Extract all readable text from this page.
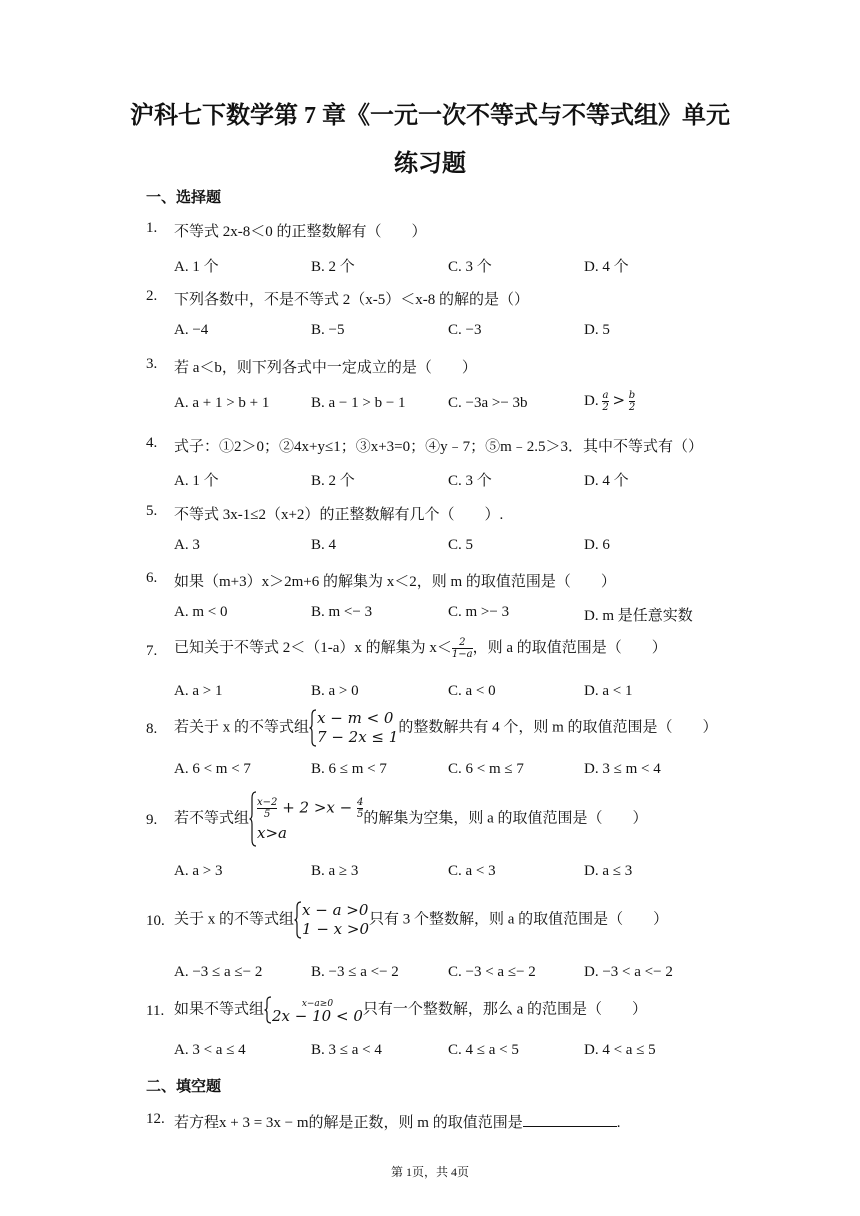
沪科七下数学第 7 章《一元一次不等式与不等式组》单元
练习题
一、选择题
1. 不等式 2x-8＜0 的正整数解有（　　）
A. 1 个	B. 2 个	C. 3 个	D. 4 个
2. 下列各数中，不是不等式 2（x-5）＜x-8 的解的是（）
A. −4	B. −5	C. −3	D. 5
3. 若 a＜b，则下列各式中一定成立的是（　　）
A. a + 1 > b + 1	B. a − 1 > b − 1	C. −3a >− 3b	D. $\frac{a}{2} > \frac{b}{2}$
4. 式子：①2＞0；②4x+y≤1；③x+3=0；④y﹣7；⑤m﹣2.5＞3．其中不等式有（）
A. 1 个	B. 2 个	C. 3 个	D. 4 个
5. 不等式 3x-1≤2（x+2）的正整数解有几个（　　）.
A. 3	B. 4	C. 5	D. 6
6. 如果（m+3）x＞2m+6 的解集为 x＜2，则 m 的取值范围是（　　）
A. m < 0	B. m <− 3	C. m >− 3	D. m 是任意实数
7. 已知关于不等式 2＜（1-a）x 的解集为 $x<\frac{2}{1-a}$ ，则 a 的取值范围是（　　）
A. a > 1	B. a > 0	C. a < 0	D. a < 1
8. 若关于 x 的不等式组
x − m < 0
7 − 2x ≤ 1
的整数解共有 4 个，则 m 的取值范围是（　　）
A. 6 < m < 7	B. 6 ≤ m < 7	C. 6 < m ≤ 7	D. 3 ≤ m < 4
9. 若不等式组 $\frac{x-2}{5} + 2 >x - \frac{4}{5}$
x>a
的解集为空集，则 a 的取值范围是（　　）
A. a > 3	B. a ≥ 3	C. a < 3	D. a ≤ 3
10. 关于 x 的不等式组
x − a >0
1 − x >0
只有 3 个整数解，则 a 的取值范围是（　　）
A. −3 ≤ a ≤− 2	B. −3 ≤ a <− 2	C. −3 < a ≤− 2	D. −3 < a <− 2
11. 如果不等式组	x−a≥0
2x − 10 < 0 只有一个整数解，那么 a 的范围是（　　）
A. 3 < a ≤ 4	B. 3 ≤ a < 4	C. 4 ≤ a < 5	D. 4 < a ≤ 5
二、填空题
12. 若方程x + 3 = 3x − m的解是正数，则 m 的取值范围是	.
第 1页，共 4页
